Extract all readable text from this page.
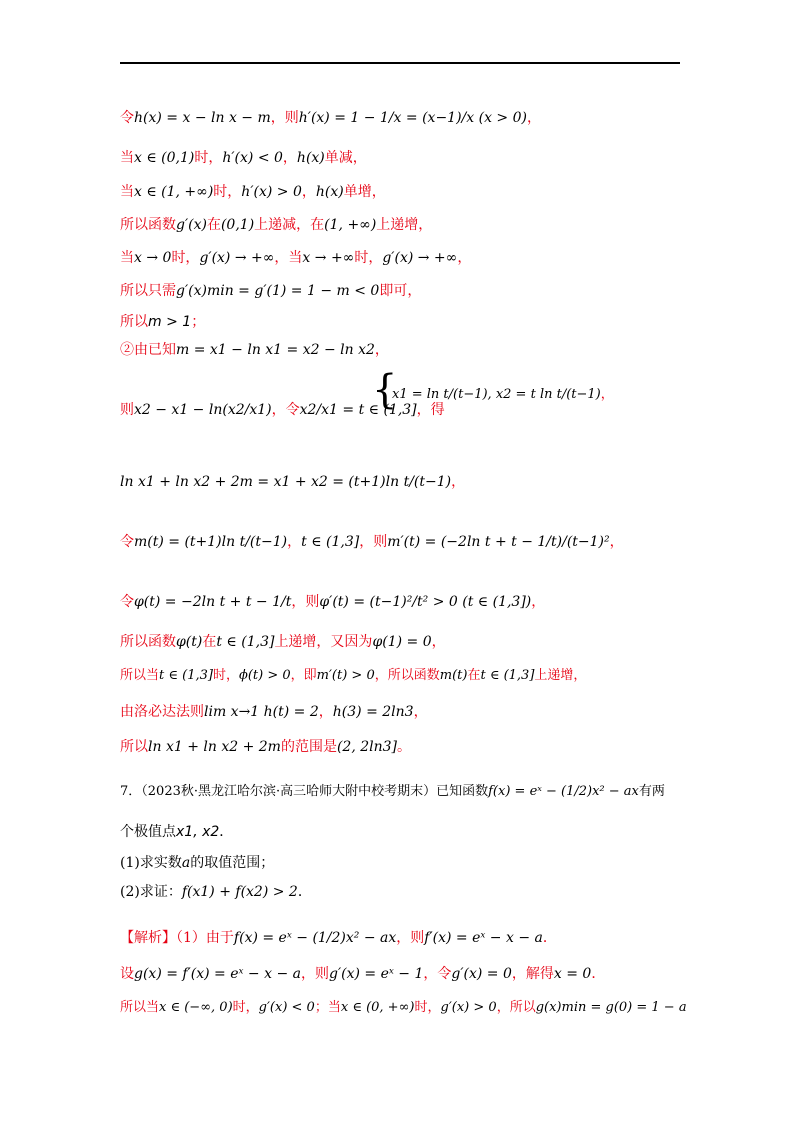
令h(x) = x − ln x − m，则h′(x) = 1 − 1/x = (x−1)/x (x > 0)，
当x ∈ (0,1)时，h′(x) < 0，h(x)单减，
当x ∈ (1, +∞)时，h′(x) > 0，h(x)单增，
所以函数g′(x)在(0,1)上递减，在(1, +∞)上递增，
当x → 0时，g′(x) → +∞，当x → +∞时，g′(x) → +∞，
所以只需g′(x)min = g′(1) = 1 − m < 0即可，
所以m > 1；
②由已知m = x1 − ln x1 = x2 − ln x2，
则x2 − x1 − ln(x2/x1)，令x2/x1 = t ∈ (1,3]，得
{
x1 = ln t/(t−1), x2 = t ln t/(t−1)，
ln x1 + ln x2 + 2m = x1 + x2 = (t+1)ln t/(t−1)，
令m(t) = (t+1)ln t/(t−1)，t ∈ (1,3]，则m′(t) = (−2ln t + t − 1/t)/(t−1)²，
令φ(t) = −2ln t + t − 1/t，则φ′(t) = (t−1)²/t² > 0 (t ∈ (1,3])，
所以函数φ(t)在t ∈ (1,3]上递增，又因为φ(1) = 0，
所以当t ∈ (1,3]时，ϕ(t) > 0，即m′(t) > 0，所以函数m(t)在t ∈ (1,3]上递增，
由洛必达法则lim x→1 h(t) = 2，h(3) = 2ln3，
所以ln x1 + ln x2 + 2m的范围是(2, 2ln3]。
7．（2023秋·黑龙江哈尔滨·高三哈师大附中校考期末）已知函数f(x) = eˣ − (1/2)x² − ax有两
个极值点x1, x2．
(1)求实数a的取值范围；
(2)求证：f(x1) + f(x2) > 2．
【解析】（1）由于f(x) = eˣ − (1/2)x² − ax，则f′(x) = eˣ − x − a．
设g(x) = f′(x) = eˣ − x − a，则g′(x) = eˣ − 1，令g′(x) = 0，解得x = 0．
所以当x ∈ (−∞, 0)时，g′(x) < 0；当x ∈ (0, +∞)时，g′(x) > 0，所以g(x)min = g(0) = 1 − a
